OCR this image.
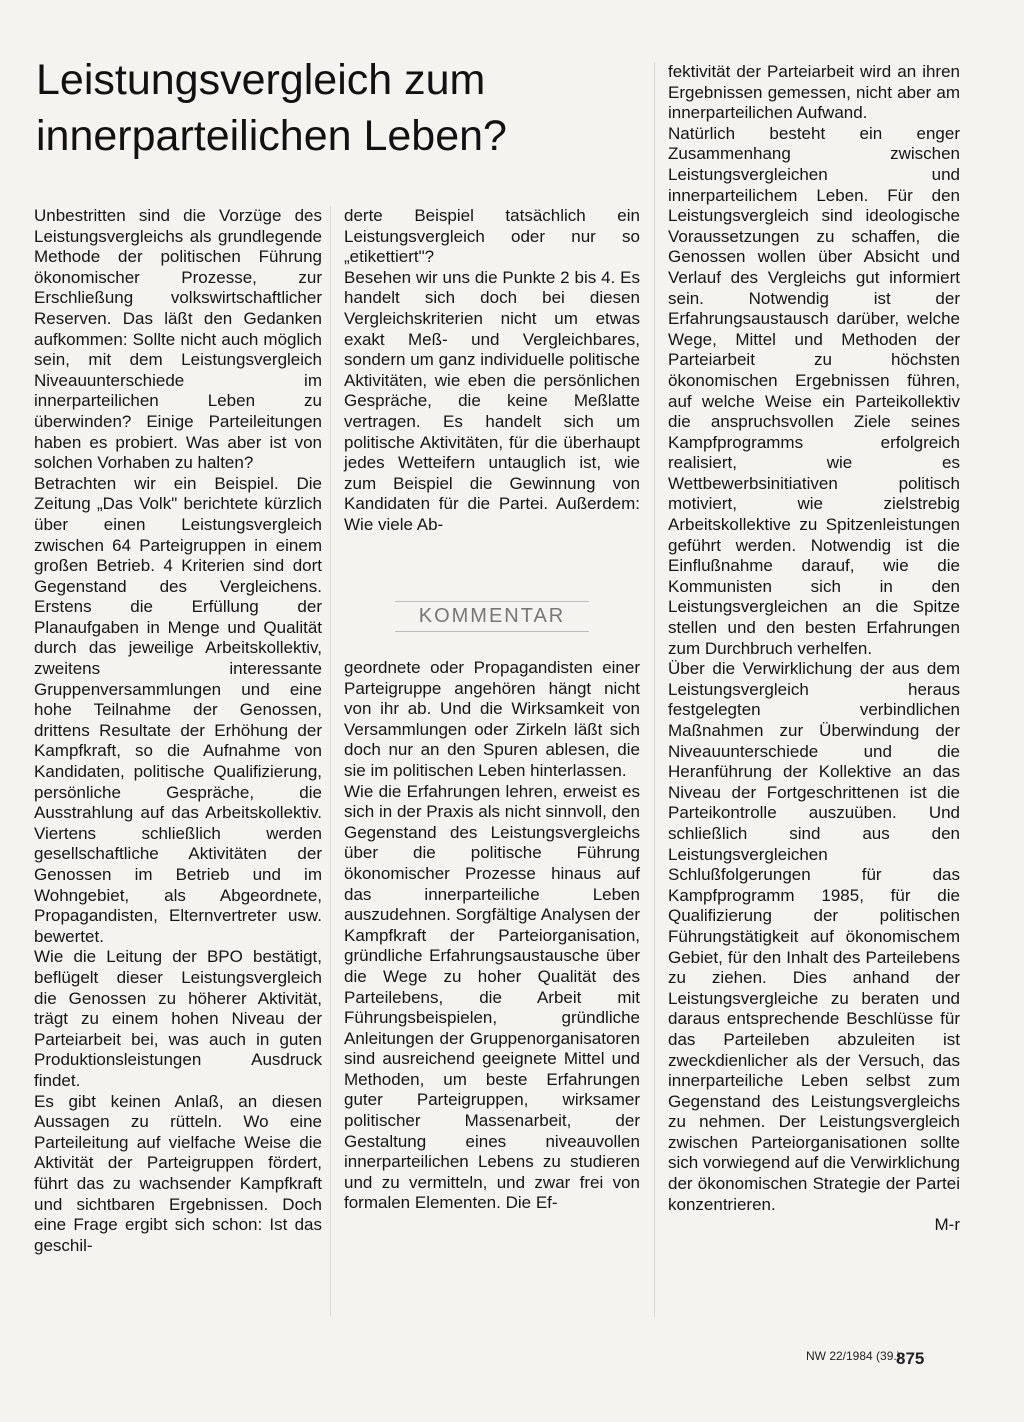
Leistungsvergleich zum
innerparteilichen Leben?

Unbestritten sind die Vorzüge des Leistungsvergleichs als grundlegende Methode der politischen Führung ökonomischer Prozesse, zur Erschließung volkswirtschaftlicher Reserven. Das läßt den Gedanken aufkommen: Sollte nicht auch möglich sein, mit dem Leistungsvergleich Niveauunterschiede im innerparteilichen Leben zu überwinden? Einige Parteileitungen haben es probiert. Was aber ist von solchen Vorhaben zu halten?

Betrachten wir ein Beispiel. Die Zeitung „Das Volk" berichtete kürzlich über einen Leistungsvergleich zwischen 64 Parteigruppen in einem großen Betrieb. 4 Kriterien sind dort Gegenstand des Vergleichens. Erstens die Erfüllung der Planaufgaben in Menge und Qualität durch das jeweilige Arbeitskollektiv, zweitens interessante Gruppenversammlungen und eine hohe Teilnahme der Genossen, drittens Resultate der Erhöhung der Kampfkraft, so die Aufnahme von Kandidaten, politische Qualifizierung, persönliche Gespräche, die Ausstrahlung auf das Arbeitskollektiv. Viertens schließlich werden gesellschaftliche Aktivitäten der Genossen im Betrieb und im Wohngebiet, als Abgeordnete, Propagandisten, Elternvertreter usw. bewertet.

Wie die Leitung der BPO bestätigt, beflügelt dieser Leistungsvergleich die Genossen zu höherer Aktivität, trägt zu einem hohen Niveau der Parteiarbeit bei, was auch in guten Produktionsleistungen Ausdruck findet.

Es gibt keinen Anlaß, an diesen Aussagen zu rütteln. Wo eine Parteileitung auf vielfache Weise die Aktivität der Parteigruppen fördert, führt das zu wachsender Kampfkraft und sichtbaren Ergebnissen. Doch eine Frage ergibt sich schon: Ist das geschil-

derte Beispiel tatsächlich ein Leistungsvergleich oder nur so „etikettiert"?

Besehen wir uns die Punkte 2 bis 4. Es handelt sich doch bei diesen Vergleichskriterien nicht um etwas exakt Meß- und Vergleichbares, sondern um ganz individuelle politische Aktivitäten, wie eben die persönlichen Gespräche, die keine Meßlatte vertragen. Es handelt sich um politische Aktivitäten, für die überhaupt jedes Wetteifern untauglich ist, wie zum Beispiel die Gewinnung von Kandidaten für die Partei. Außerdem: Wie viele Ab-

KOMMENTAR

geordnete oder Propagandisten einer Parteigruppe angehören hängt nicht von ihr ab. Und die Wirksamkeit von Versammlungen oder Zirkeln läßt sich doch nur an den Spuren ablesen, die sie im politischen Leben hinterlassen.

Wie die Erfahrungen lehren, erweist es sich in der Praxis als nicht sinnvoll, den Gegenstand des Leistungsvergleichs über die politische Führung ökonomischer Prozesse hinaus auf das innerparteiliche Leben auszudehnen. Sorgfältige Analysen der Kampfkraft der Parteiorganisation, gründliche Erfahrungsaustausche über die Wege zu hoher Qualität des Parteilebens, die Arbeit mit Führungsbeispielen, gründliche Anleitungen der Gruppenorganisatoren sind ausreichend geeignete Mittel und Methoden, um beste Erfahrungen guter Parteigruppen, wirksamer politischer Massenarbeit, der Gestaltung eines niveauvollen innerparteilichen Lebens zu studieren und zu vermitteln, und zwar frei von formalen Elementen. Die Ef-

fektivität der Parteiarbeit wird an ihren Ergebnissen gemessen, nicht aber am innerparteilichen Aufwand.

Natürlich besteht ein enger Zusammenhang zwischen Leistungsvergleichen und innerparteilichem Leben. Für den Leistungsvergleich sind ideologische Voraussetzungen zu schaffen, die Genossen wollen über Absicht und Verlauf des Vergleichs gut informiert sein. Notwendig ist der Erfahrungsaustausch darüber, welche Wege, Mittel und Methoden der Parteiarbeit zu höchsten ökonomischen Ergebnissen führen, auf welche Weise ein Parteikollektiv die anspruchsvollen Ziele seines Kampfprogramms erfolgreich realisiert, wie es Wettbewerbsinitiativen politisch motiviert, wie zielstrebig Arbeitskollektive zu Spitzenleistungen geführt werden. Notwendig ist die Einflußnahme darauf, wie die Kommunisten sich in den Leistungsvergleichen an die Spitze stellen und den besten Erfahrungen zum Durchbruch verhelfen.

Über die Verwirklichung der aus dem Leistungsvergleich heraus festgelegten verbindlichen Maßnahmen zur Überwindung der Niveauunterschiede und die Heranführung der Kollektive an das Niveau der Fortgeschrittenen ist die Parteikontrolle auszuüben. Und schließlich sind aus den Leistungsvergleichen Schlußfolgerungen für das Kampfprogramm 1985, für die Qualifizierung der politischen Führungstätigkeit auf ökonomischem Gebiet, für den Inhalt des Parteilebens zu ziehen. Dies anhand der Leistungsvergleiche zu beraten und daraus entsprechende Beschlüsse für das Parteileben abzuleiten ist zweckdienlicher als der Versuch, das innerparteiliche Leben selbst zum Gegenstand des Leistungsvergleichs zu nehmen. Der Leistungsvergleich zwischen Parteiorganisationen sollte sich vorwiegend auf die Verwirklichung der ökonomischen Strategie der Partei konzentrieren.

M-r
NW 22/1984 (39.)
875
